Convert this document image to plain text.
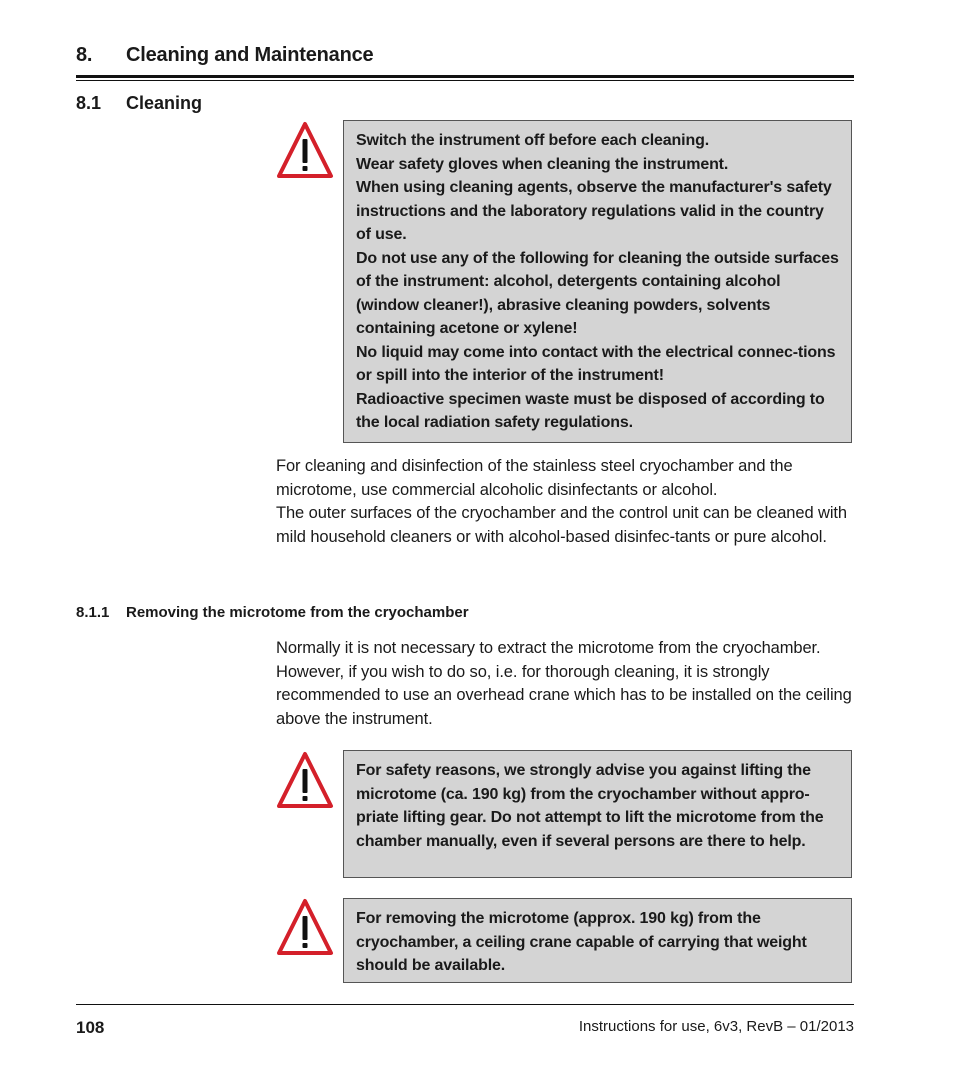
8. Cleaning and Maintenance
8.1 Cleaning

Switch the instrument off before each cleaning.

Wear safety gloves when cleaning the instrument.

When using cleaning agents, observe the manufacturer's safety instructions and the laboratory regulations valid in the country of use.

Do not use any of the following for cleaning the outside surfaces of the instrument: alcohol, detergents containing alcohol (window cleaner!), abrasive cleaning powders, solvents containing acetone or xylene!

No liquid may come into contact with the electrical connec-tions or spill into the interior of the instrument!

Radioactive specimen waste must be disposed of according to the local radiation safety regulations.

For cleaning and disinfection of the stainless steel cryochamber and the microtome, use commercial alcoholic disinfectants or alcohol.

The outer surfaces of the cryochamber and the control unit can be cleaned with mild household cleaners or with alcohol-based disinfec-tants or pure alcohol.

8.1.1 Removing the microtome from the cryochamber

Normally it is not necessary to extract the microtome from the cryochamber. However, if you wish to do so, i.e. for thorough cleaning, it is strongly recommended to use an overhead crane which has to be installed on the ceiling above the instrument.

For safety reasons, we strongly advise you against lifting the microtome (ca. 190 kg) from the cryochamber without appro-priate lifting gear. Do not attempt to lift the microtome from the chamber manually, even if several persons are there to help.

For removing the microtome (approx. 190 kg) from the cryochamber, a ceiling crane capable of carrying that weight should be available.

108	Instructions for use, 6v3, RevB – 01/2013
